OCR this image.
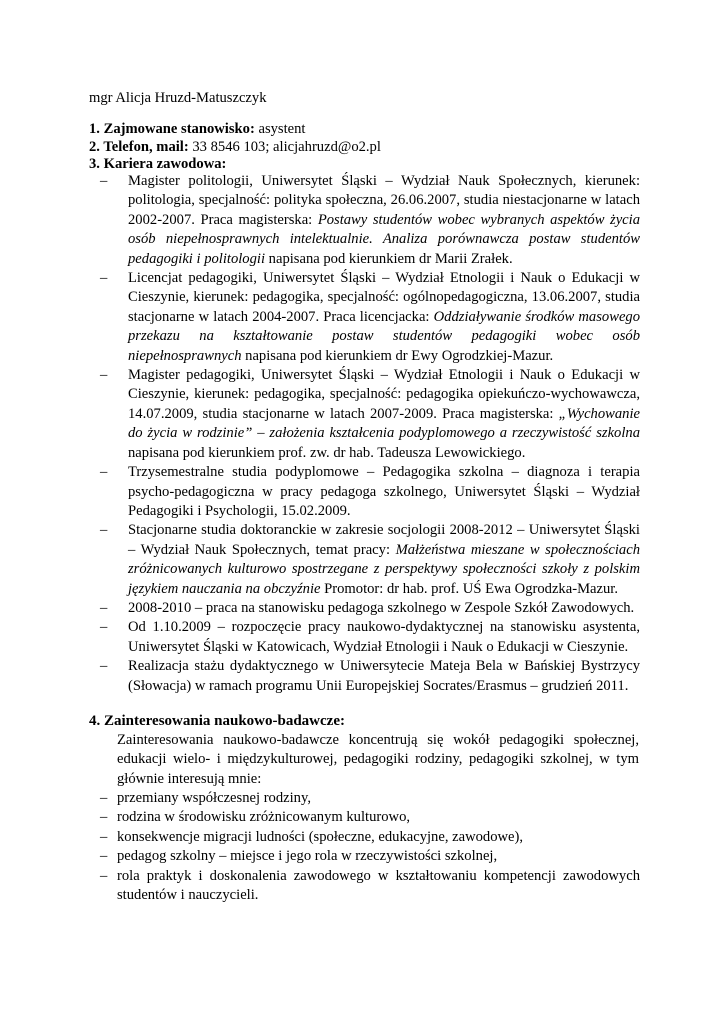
mgr Alicja Hruzd-Matuszczyk
1. Zajmowane stanowisko: asystent
2. Telefon, mail: 33 8546 103; alicjahruzd@o2.pl
3. Kariera zawodowa:
– Magister politologii, Uniwersytet Śląski – Wydział Nauk Społecznych, kierunek: politologia, specjalność: polityka społeczna, 26.06.2007, studia niestacjonarne w latach 2002-2007. Praca magisterska: Postawy studentów wobec wybranych aspektów życia osób niepełnosprawnych intelektualnie. Analiza porównawcza postaw studentów pedagogiki i politologii napisana pod kierunkiem dr Marii Zrałek.

– Licencjat pedagogiki, Uniwersytet Śląski – Wydział Etnologii i Nauk o Edukacji w Cieszynie, kierunek: pedagogika, specjalność: ogólnopedagogiczna, 13.06.2007, studia stacjonarne w latach 2004-2007. Praca licencjacka: Oddziaływanie środków masowego przekazu na kształtowanie postaw studentów pedagogiki wobec osób niepełnosprawnych napisana pod kierunkiem dr Ewy Ogrodzkiej-Mazur.

– Magister pedagogiki, Uniwersytet Śląski – Wydział Etnologii i Nauk o Edukacji w Cieszynie, kierunek: pedagogika, specjalność: pedagogika opiekuńczo-wychowawcza, 14.07.2009, studia stacjonarne w latach 2007-2009. Praca magisterska: „Wychowanie do życia w rodzinie” – założenia kształcenia podyplomowego a rzeczywistość szkolna napisana pod kierunkiem prof. zw. dr hab. Tadeusza Lewowickiego.

– Trzysemestralne studia podyplomowe – Pedagogika szkolna – diagnoza i terapia psycho-pedagogiczna w pracy pedagoga szkolnego, Uniwersytet Śląski – Wydział Pedagogiki i Psychologii, 15.02.2009.

– Stacjonarne studia doktoranckie w zakresie socjologii 2008-2012 – Uniwersytet Śląski – Wydział Nauk Społecznych, temat pracy: Małżeństwa mieszane w społecznościach zróżnicowanych kulturowo spostrzegane z perspektywy społeczności szkoły z polskim językiem nauczania na obczyźnie Promotor: dr hab. prof. UŚ Ewa Ogrodzka-Mazur.

– 2008-2010 – praca na stanowisku pedagoga szkolnego w Zespole Szkół Zawodowych.

– Od 1.10.2009 – rozpoczęcie pracy naukowo-dydaktycznej na stanowisku asystenta, Uniwersytet Śląski w Katowicach, Wydział Etnologii i Nauk o Edukacji w Cieszynie.

– Realizacja stażu dydaktycznego w Uniwersytecie Mateja Bela w Bańskiej Bystrzycy (Słowacja) w ramach programu Unii Europejskiej Socrates/Erasmus – grudzień 2011.

4. Zainteresowania naukowo-badawcze:

Zainteresowania naukowo-badawcze koncentrują się wokół pedagogiki społecznej, edukacji wielo- i międzykulturowej, pedagogiki rodziny, pedagogiki szkolnej, w tym głównie interesują mnie:

– przemiany współczesnej rodziny,

– rodzina w środowisku zróżnicowanym kulturowo,

– konsekwencje migracji ludności (społeczne, edukacyjne, zawodowe),

– pedagog szkolny – miejsce i jego rola w rzeczywistości szkolnej,

– rola praktyk i doskonalenia zawodowego w kształtowaniu kompetencji zawodowych studentów i nauczycieli.
